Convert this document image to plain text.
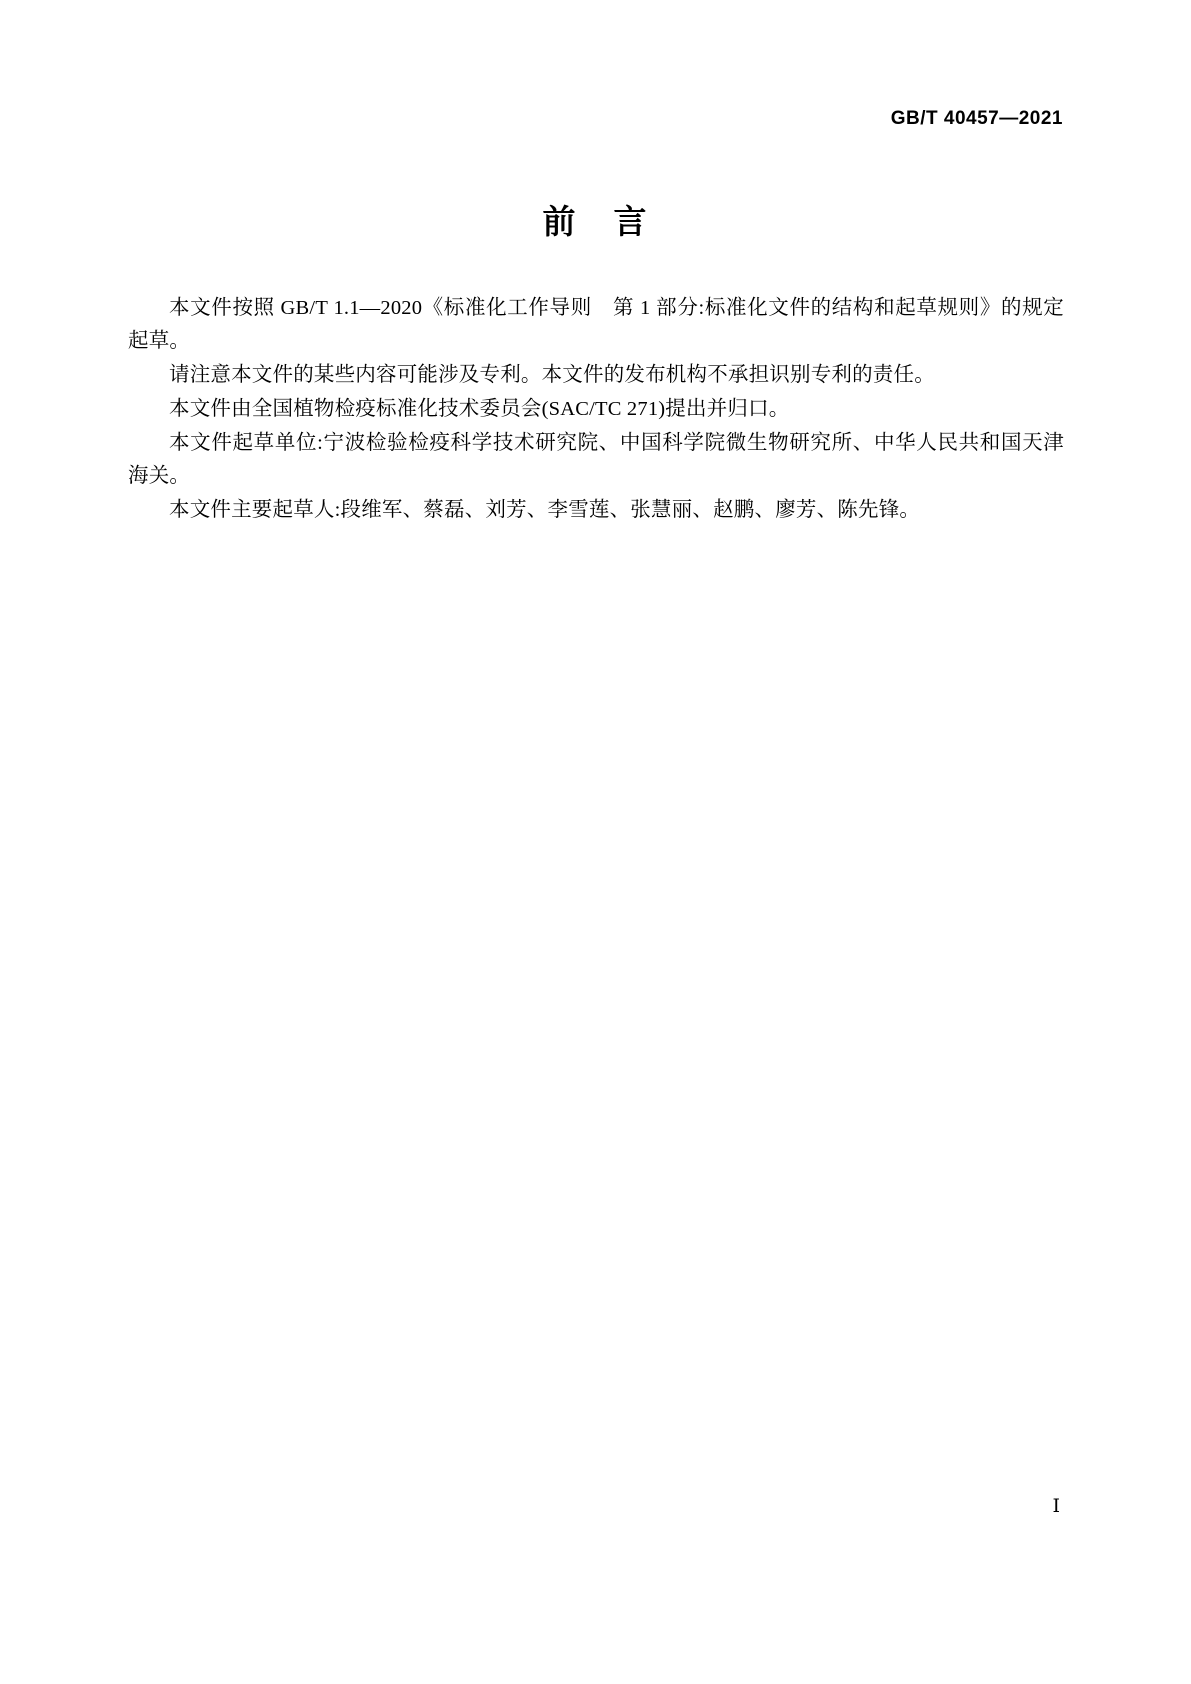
GB/T 40457—2021
前 言

本文件按照 GB/T 1.1—2020《标准化工作导则　第 1 部分:标准化文件的结构和起草规则》的规定起草。

请注意本文件的某些内容可能涉及专利。本文件的发布机构不承担识别专利的责任。

本文件由全国植物检疫标准化技术委员会(SAC/TC 271)提出并归口。

本文件起草单位:宁波检验检疫科学技术研究院、中国科学院微生物研究所、中华人民共和国天津海关。

本文件主要起草人:段维军、蔡磊、刘芳、李雪莲、张慧丽、赵鹏、廖芳、陈先锋。

Ⅰ
